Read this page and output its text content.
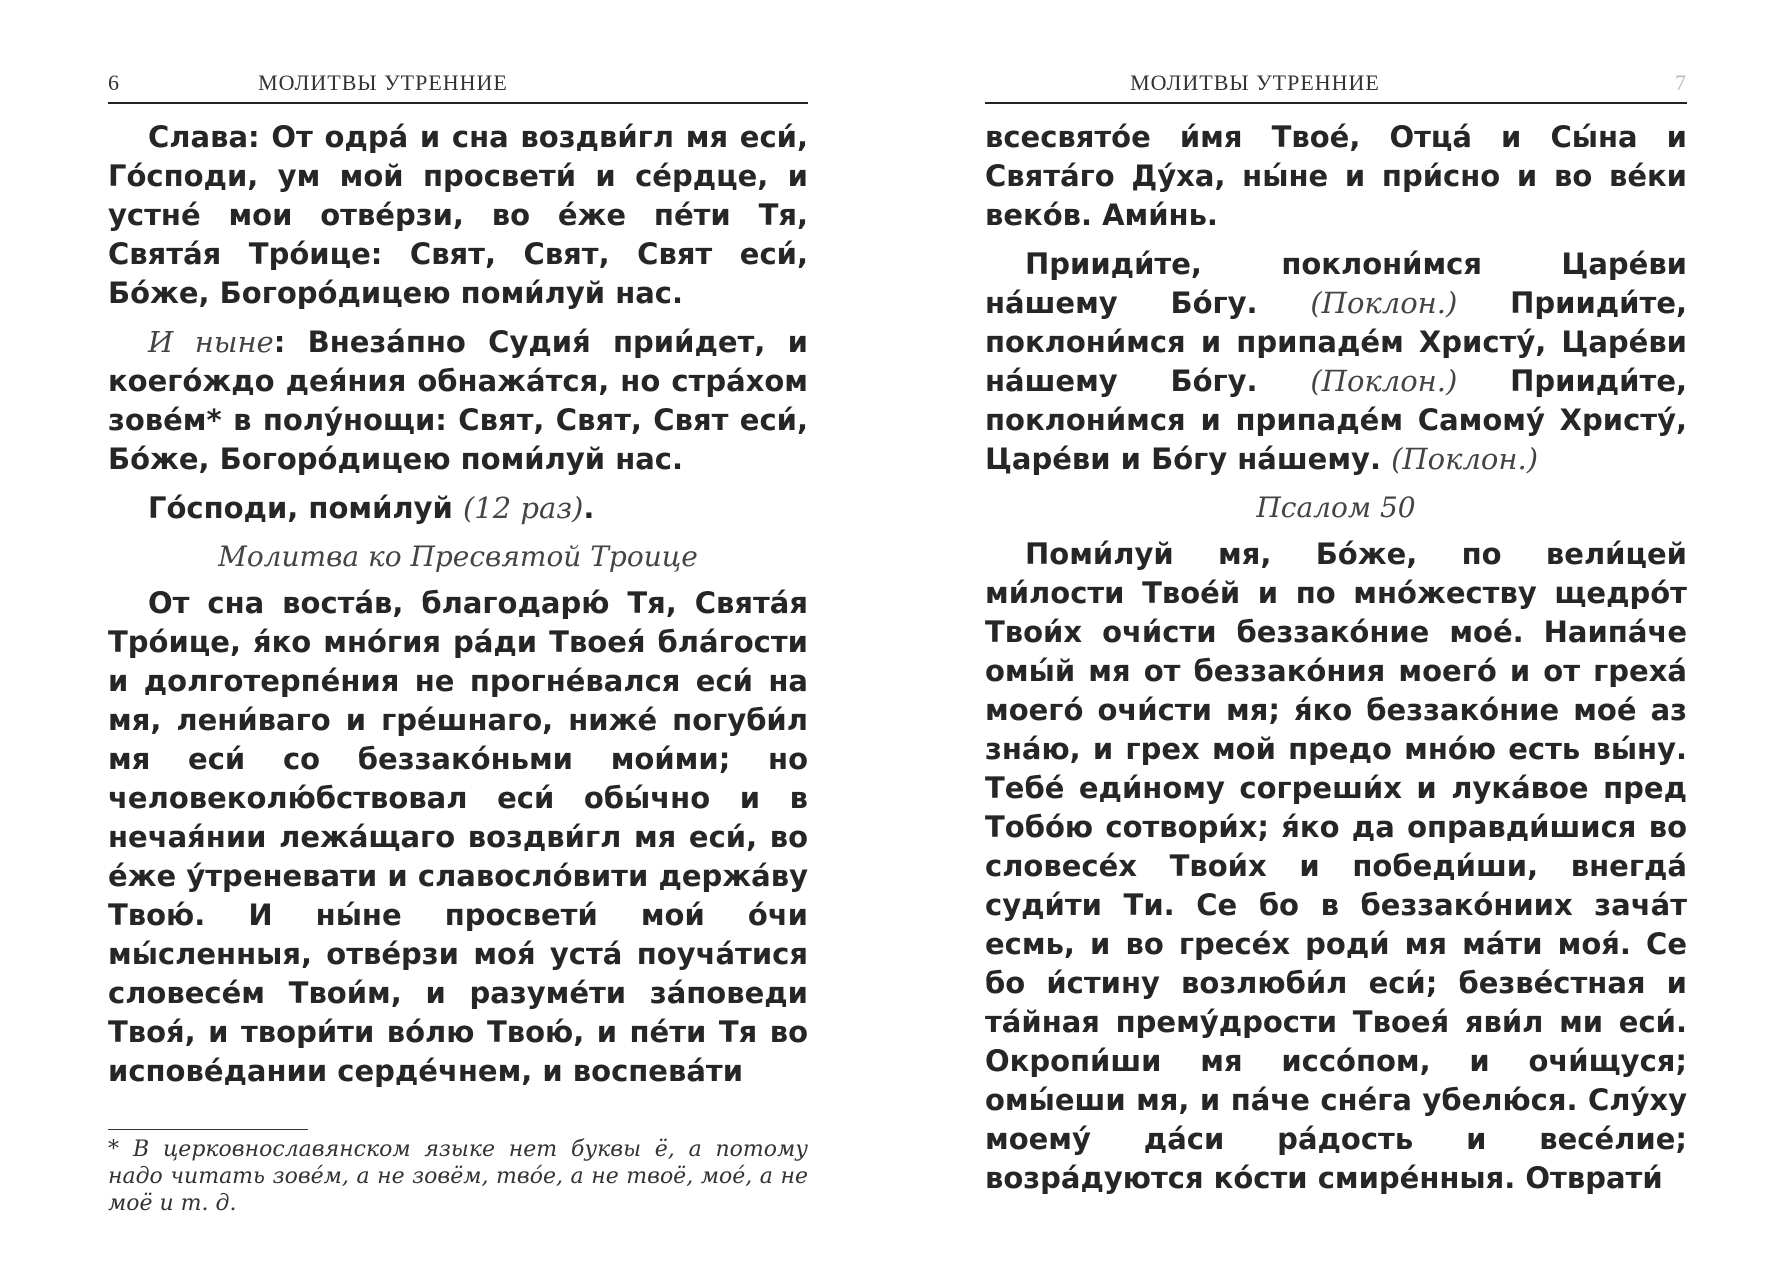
6	МОЛИТВЫ УТРЕННИЕ

Слава: От одра́ и сна воздви́гл мя еси́, Го́споди, ум мой просвети́ и се́рдце, и устне́ мои отве́рзи, во е́же пе́ти Тя, Свята́я Тро́ице: Свят, Свят, Свят еси́, Бо́же, Богоро́дицею поми́луй нас.

И ныне: Внеза́пно Судия́ прии́дет, и коего́ждо дея́ния обнажа́тся, но стра́хом зове́м* в полу́нощи: Свят, Свят, Свят еси́, Бо́же, Богоро́дицею поми́луй нас.

Го́споди, поми́луй (12 раз).

Молитва ко Пресвятой Троице

От сна воста́в, благодарю́ Тя, Свята́я Тро́ице, я́ко мно́гия ра́ди Твоея́ бла́гости и долготерпе́ния не прогне́вался еси́ на мя, лени́ваго и гре́шнаго, ниже́ погуби́л мя еси́ со беззако́ньми мои́ми; но человеколю́бствовал еси́ обы́чно и в нечая́нии лежа́щаго воздви́гл мя еси́, во е́же у́треневати и славосло́вити держа́ву Твою́. И ны́не просвети́ мои́ о́чи мы́сленныя, отве́рзи моя́ уста́ поуча́тися словесе́м Твои́м, и разуме́ти за́поведи Твоя́, и твори́ти во́лю Твою́, и пе́ти Тя во испове́дании серде́чнем, и воспева́ти

* В церковнославянском языке нет буквы ё, а потому надо читать зове́м, а не зовём, тво́е, а не твоё, мое́, а не моё и т. д.
МОЛИТВЫ УТРЕННИЕ	7

всесвято́е и́мя Твое́, Отца́ и Сы́на и Свята́го Ду́ха, ны́не и при́сно и во ве́ки веко́в. Ами́нь.

Прииди́те, поклони́мся Царе́ви на́шему Бо́гу. (Поклон.) Прииди́те, поклони́мся и припаде́м Христу́, Царе́ви на́шему Бо́гу. (Поклон.) Прииди́те, поклони́мся и припаде́м Самому́ Христу́, Царе́ви и Бо́гу на́шему. (Поклон.)

Псалом 50

Поми́луй мя, Бо́же, по вели́цей ми́лости Твое́й и по мно́жеству щедро́т Твои́х очи́сти беззако́ние мое́. Наипа́че омы́й мя от беззако́ния моего́ и от греха́ моего́ очи́сти мя; я́ко беззако́ние мое́ аз зна́ю, и грех мой предо мно́ю есть вы́ну. Тебе́ еди́ному согреши́х и лука́вое пред Тобо́ю сотвори́х; я́ко да оправди́шися во словесе́х Твои́х и победи́ши, внегда́ суди́ти Ти. Се бо в беззако́ниих зача́т есмь, и во гресе́х роди́ мя ма́ти моя́. Се бо и́стину возлюби́л еси́; безве́стная и та́йная прему́дрости Твоея́ яви́л ми еси́. Окропи́ши мя иссо́пом, и очи́щуся; омы́еши мя, и па́че сне́га убелю́ся. Слу́ху моему́ да́си ра́дость и весе́лие; возра́дуются ко́сти смире́нныя. Отврати́
